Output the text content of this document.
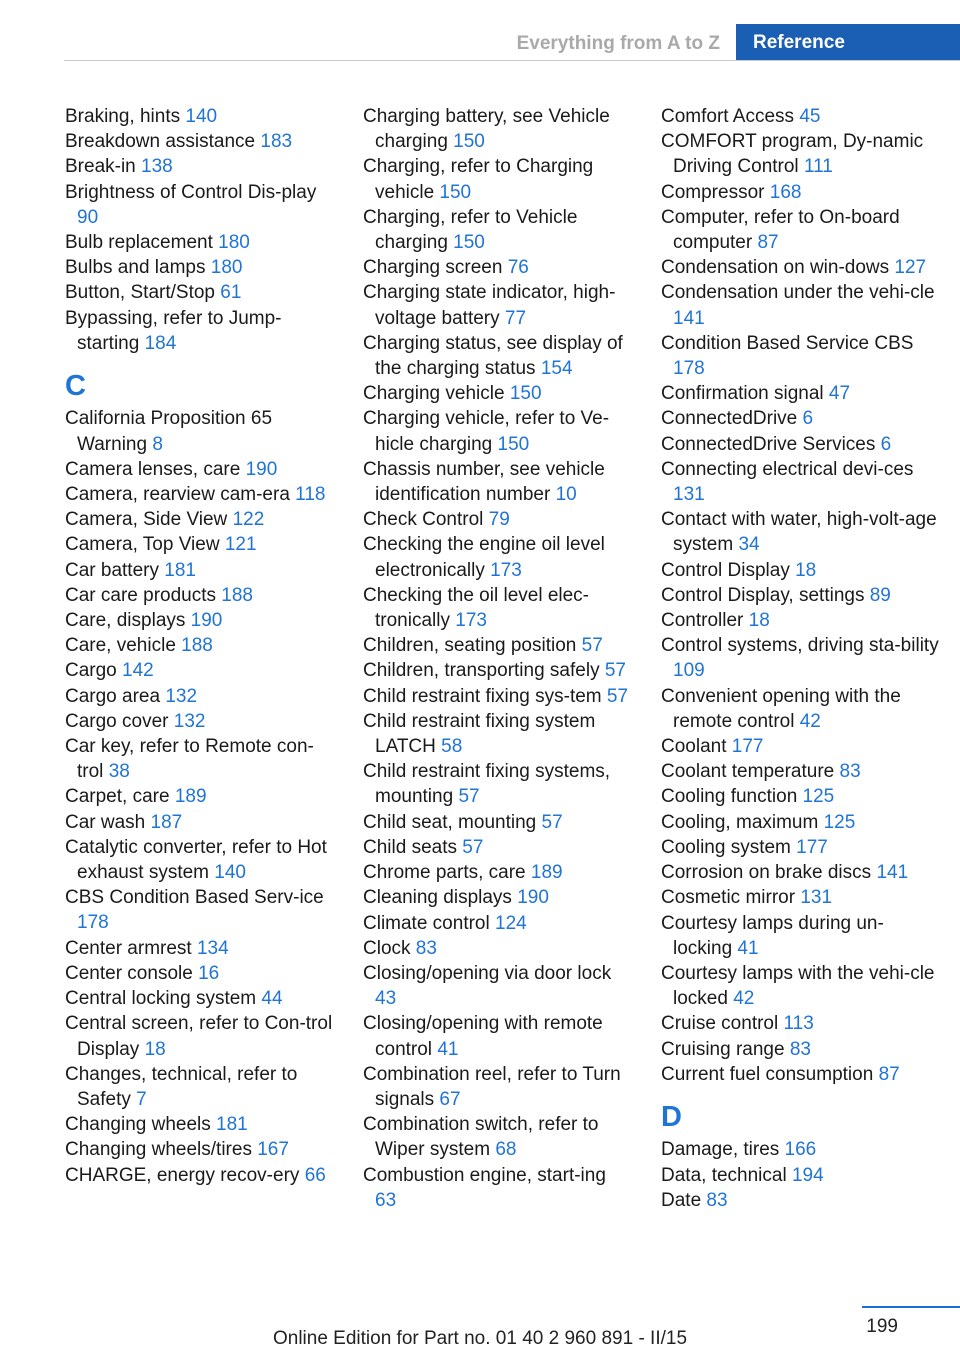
Everything from A to Z	Reference
Braking, hints 140
Breakdown assistance 183
Break-in 138
Brightness of Control Dis-play 90
Bulb replacement 180
Bulbs and lamps 180
Button, Start/Stop 61
Bypassing, refer to Jump-starting 184
C
California Proposition 65 Warning 8
Camera lenses, care 190
Camera, rearview cam-era 118
Camera, Side View 122
Camera, Top View 121
Car battery 181
Car care products 188
Care, displays 190
Care, vehicle 188
Cargo 142
Cargo area 132
Cargo cover 132
Car key, refer to Remote con-trol 38
Carpet, care 189
Car wash 187
Catalytic converter, refer to Hot exhaust system 140
CBS Condition Based Serv-ice 178
Center armrest 134
Center console 16
Central locking system 44
Central screen, refer to Con-trol Display 18
Changes, technical, refer to Safety 7
Changing wheels 181
Changing wheels/tires 167
CHARGE, energy recov-ery 66
Charging battery, see Vehicle charging 150
Charging, refer to Charging vehicle 150
Charging, refer to Vehicle charging 150
Charging screen 76
Charging state indicator, high-voltage battery 77
Charging status, see display of the charging status 154
Charging vehicle 150
Charging vehicle, refer to Ve-hicle charging 150
Chassis number, see vehicle identification number 10
Check Control 79
Checking the engine oil level electronically 173
Checking the oil level elec-tronically 173
Children, seating position 57
Children, transporting safely 57
Child restraint fixing sys-tem 57
Child restraint fixing system LATCH 58
Child restraint fixing systems, mounting 57
Child seat, mounting 57
Child seats 57
Chrome parts, care 189
Cleaning displays 190
Climate control 124
Clock 83
Closing/opening via door lock 43
Closing/opening with remote control 41
Combination reel, refer to Turn signals 67
Combination switch, refer to Wiper system 68
Combustion engine, start-ing 63
Comfort Access 45
COMFORT program, Dy-namic Driving Control 111
Compressor 168
Computer, refer to On-board computer 87
Condensation on win-dows 127
Condensation under the vehi-cle 141
Condition Based Service CBS 178
Confirmation signal 47
ConnectedDrive 6
ConnectedDrive Services 6
Connecting electrical devi-ces 131
Contact with water, high-volt-age system 34
Control Display 18
Control Display, settings 89
Controller 18
Control systems, driving sta-bility 109
Convenient opening with the remote control 42
Coolant 177
Coolant temperature 83
Cooling function 125
Cooling, maximum 125
Cooling system 177
Corrosion on brake discs 141
Cosmetic mirror 131
Courtesy lamps during un-locking 41
Courtesy lamps with the vehi-cle locked 42
Cruise control 113
Cruising range 83
Current fuel consumption 87
D
Damage, tires 166
Data, technical 194
Date 83
199
Online Edition for Part no. 01 40 2 960 891 - II/15
